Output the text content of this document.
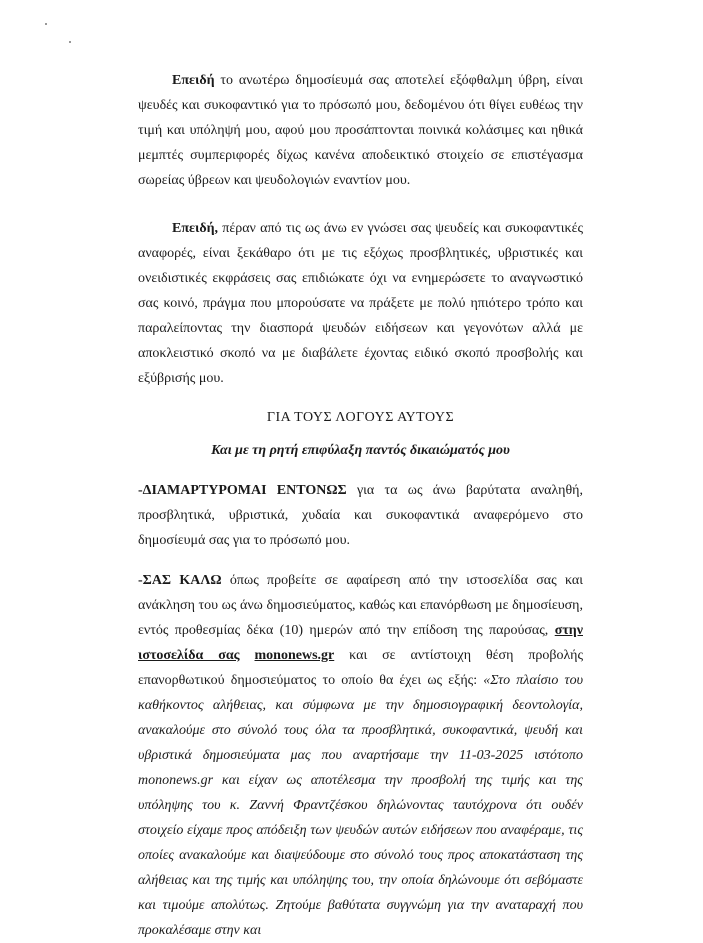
Επειδή το ανωτέρω δημοσίευμά σας αποτελεί εξόφθαλμη ύβρη, είναι ψευδές και συκοφαντικό για το πρόσωπό μου, δεδομένου ότι θίγει ευθέως την τιμή και υπόληψή μου, αφού μου προσάπτονται ποινικά κολάσιμες και ηθικά μεμπτές συμπεριφορές δίχως κανένα αποδεικτικό στοιχείο σε επιστέγασμα σωρείας ύβρεων και ψευδολογιών εναντίον μου.

Επειδή, πέραν από τις ως άνω εν γνώσει σας ψευδείς και συκοφαντικές αναφορές, είναι ξεκάθαρο ότι με τις εξόχως προσβλητικές, υβριστικές και ονειδιστικές εκφράσεις σας επιδιώκατε όχι να ενημερώσετε το αναγνωστικό σας κοινό, πράγμα που μπορούσατε να πράξετε με πολύ ηπιότερο τρόπο και παραλείποντας την διασπορά ψευδών ειδήσεων και γεγονότων αλλά με αποκλειστικό σκοπό να με διαβάλετε έχοντας ειδικό σκοπό προσβολής και εξύβρισής μου.

ΓΙΑ ΤΟΥΣ ΛΟΓΟΥΣ ΑΥΤΟΥΣ
Και με τη ρητή επιφύλαξη παντός δικαιώματός μου

-ΔΙΑΜΑΡΤΥΡΟΜΑΙ ΕΝΤΟΝΩΣ για τα ως άνω βαρύτατα αναληθή, προσβλητικά, υβριστικά, χυδαία και συκοφαντικά αναφερόμενο στο δημοσίευμά σας για το πρόσωπό μου.

-ΣΑΣ ΚΑΛΩ όπως προβείτε σε αφαίρεση από την ιστοσελίδα σας και ανάκληση του ως άνω δημοσιεύματος, καθώς και επανόρθωση με δημοσίευση, εντός προθεσμίας δέκα (10) ημερών από την επίδοση της παρούσας, στην ιστοσελίδα σας mononews.gr και σε αντίστοιχη θέση προβολής επανορθωτικού δημοσιεύματος το οποίο θα έχει ως εξής: «Στο πλαίσιο του καθήκοντος αλήθειας, και σύμφωνα με την δημοσιογραφική δεοντολογία, ανακαλούμε στο σύνολό τους όλα τα προσβλητικά, συκοφαντικά, ψευδή και υβριστικά δημοσιεύματα μας που αναρτήσαμε την 11-03-2025 ιστότοπο mononews.gr και είχαν ως αποτέλεσμα την προσβολή της τιμής και της υπόληψης του κ. Ζαννή Φραντζέσκου δηλώνοντας ταυτόχρονα ότι ουδέν στοιχείο είχαμε προς απόδειξη των ψευδών αυτών ειδήσεων που αναφέραμε, τις οποίες ανακαλούμε και διαψεύδουμε στο σύνολό τους προς αποκατάσταση της αλήθειας και της τιμής και υπόληψης του, την οποία δηλώνουμε ότι σεβόμαστε και τιμούμε απολύτως. Ζητούμε βαθύτατα συγγνώμη για την αναταραχή που προκαλέσαμε στην και
